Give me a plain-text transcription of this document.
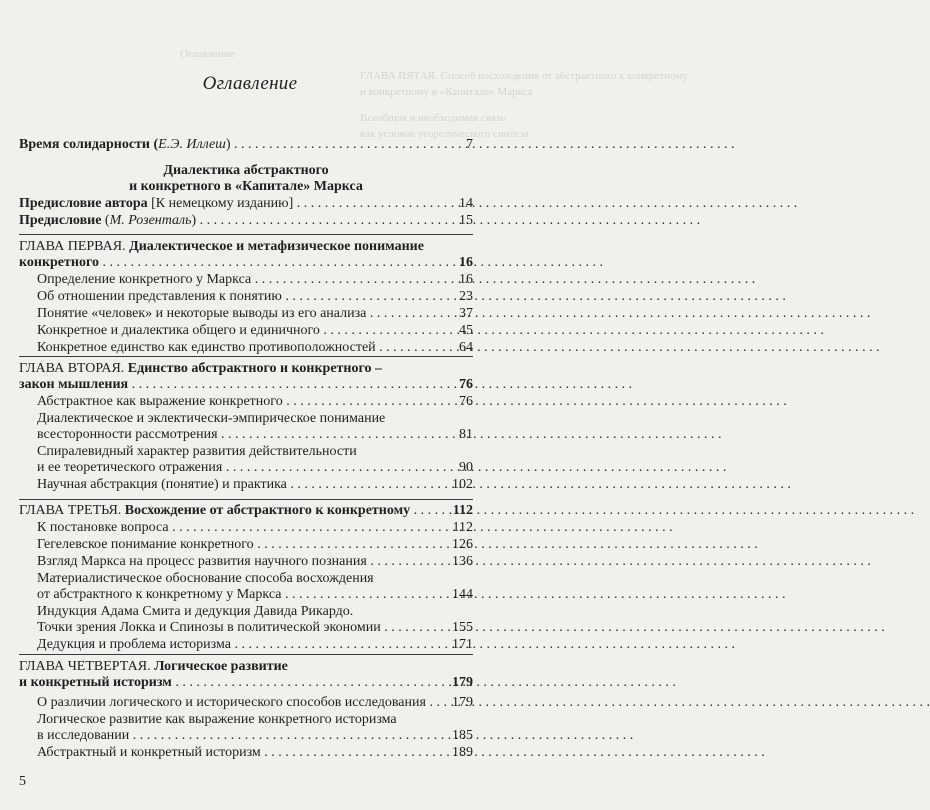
Оглавление
ГЛАВА ПЯТАЯ. Способ восхождения от абстрактного к конкретному
и конкретному в «Капитале» Маркса
Всеобщая и необходимая связь
как условие теоретического синтеза
Оглавление
Время солидарности (Е.Э. Иллеш) . . .	7
Диалектика абстрактного
и конкретного в «Капитале» Маркса
Предисловие автора [К немецкому изданию] . . .	14
Предисловие (М. Розенталь) . . .	15
ГЛАВА ПЕРВАЯ. Диалектическое и метафизическое понимание
конкретного . . .	16
Определение конкретного у Маркса . . .	16
Об отношении представления к понятию . . .	23
Понятие «человек» и некоторые выводы из его анализа . . .	37
Конкретное и диалектика общего и единичного . . .	45
Конкретное единство как единство противоположностей . . .	64
ГЛАВА ВТОРАЯ. Единство абстрактного и конкретного –
закон мышления . . .	76
Абстрактное как выражение конкретного . . .	76
Диалектическое и эклектически-эмпирическое понимание
всесторонности рассмотрения . . .	81
Спиралевидный характер развития действительности
и ее теоретического отражения . . .	90
Научная абстракция (понятие) и практика . . .	102
ГЛАВА ТРЕТЬЯ. Восхождение от абстрактного к конкретному . . .	112
К постановке вопроса . . .	112
Гегелевское понимание конкретного . . .	126
Взгляд Маркса на процесс развития научного познания . . .	136
Материалистическое обоснование способа восхождения
от абстрактного к конкретному у Маркса . . .	144
Индукция Адама Смита и дедукция Давида Рикардо.
Точки зрения Локка и Спинозы в политической экономии . . .	155
Дедукция и проблема историзма . . .	171
ГЛАВА ЧЕТВЕРТАЯ. Логическое развитие
и конкретный историзм . . .	179
О различии логического и исторического способов исследования . . .	179
Логическое развитие как выражение конкретного историзма
в исследовании . . .	185
Абстрактный и конкретный историзм . . .	189
5
